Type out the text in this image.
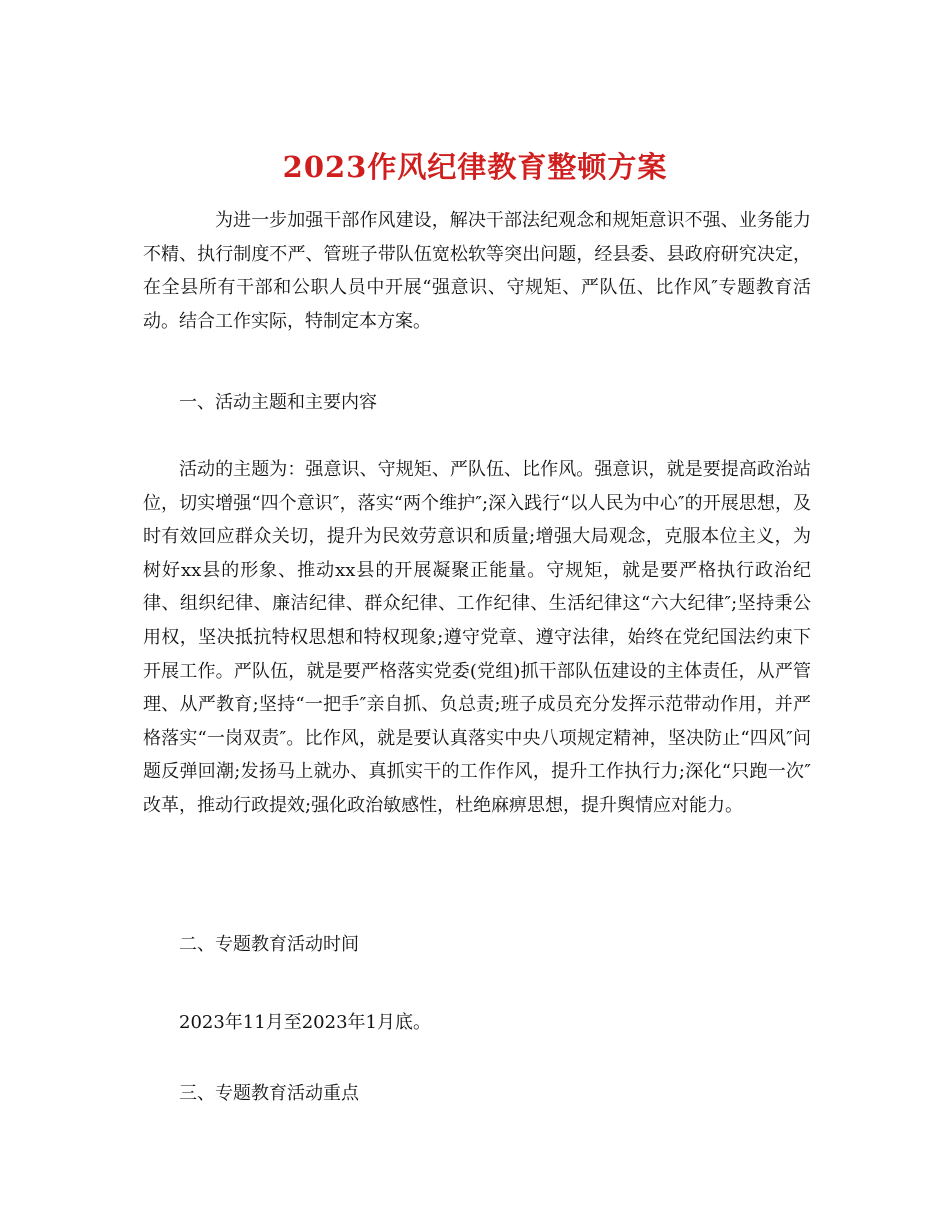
2023作风纪律教育整顿方案

为进一步加强干部作风建设，解决干部法纪观念和规矩意识不强、业务能力不精、执行制度不严、管班子带队伍宽松软等突出问题，经县委、县政府研究决定，在全县所有干部和公职人员中开展“强意识、守规矩、严队伍、比作风″专题教育活动。结合工作实际，特制定本方案。

一、活动主题和主要内容

活动的主题为：强意识、守规矩、严队伍、比作风。强意识，就是要提高政治站位，切实增强“四个意识″，落实“两个维护″;深入践行“以人民为中心″的开展思想，及时有效回应群众关切，提升为民效劳意识和质量;增强大局观念，克服本位主义，为树好xx县的形象、推动xx县的开展凝聚正能量。守规矩，就是要严格执行政治纪律、组织纪律、廉洁纪律、群众纪律、工作纪律、生活纪律这“六大纪律″;坚持秉公用权，坚决抵抗特权思想和特权现象;遵守党章、遵守法律，始终在党纪国法约束下开展工作。严队伍，就是要严格落实党委(党组)抓干部队伍建设的主体责任，从严管理、从严教育;坚持“一把手″亲自抓、负总责;班子成员充分发挥示范带动作用，并严格落实“一岗双责″。比作风，就是要认真落实中央八项规定精神，坚决防止“四风″问题反弹回潮;发扬马上就办、真抓实干的工作作风，提升工作执行力;深化“只跑一次″改革，推动行政提效;强化政治敏感性，杜绝麻痹思想，提升舆情应对能力。

二、专题教育活动时间

2023年11月至2023年1月底。

三、专题教育活动重点
